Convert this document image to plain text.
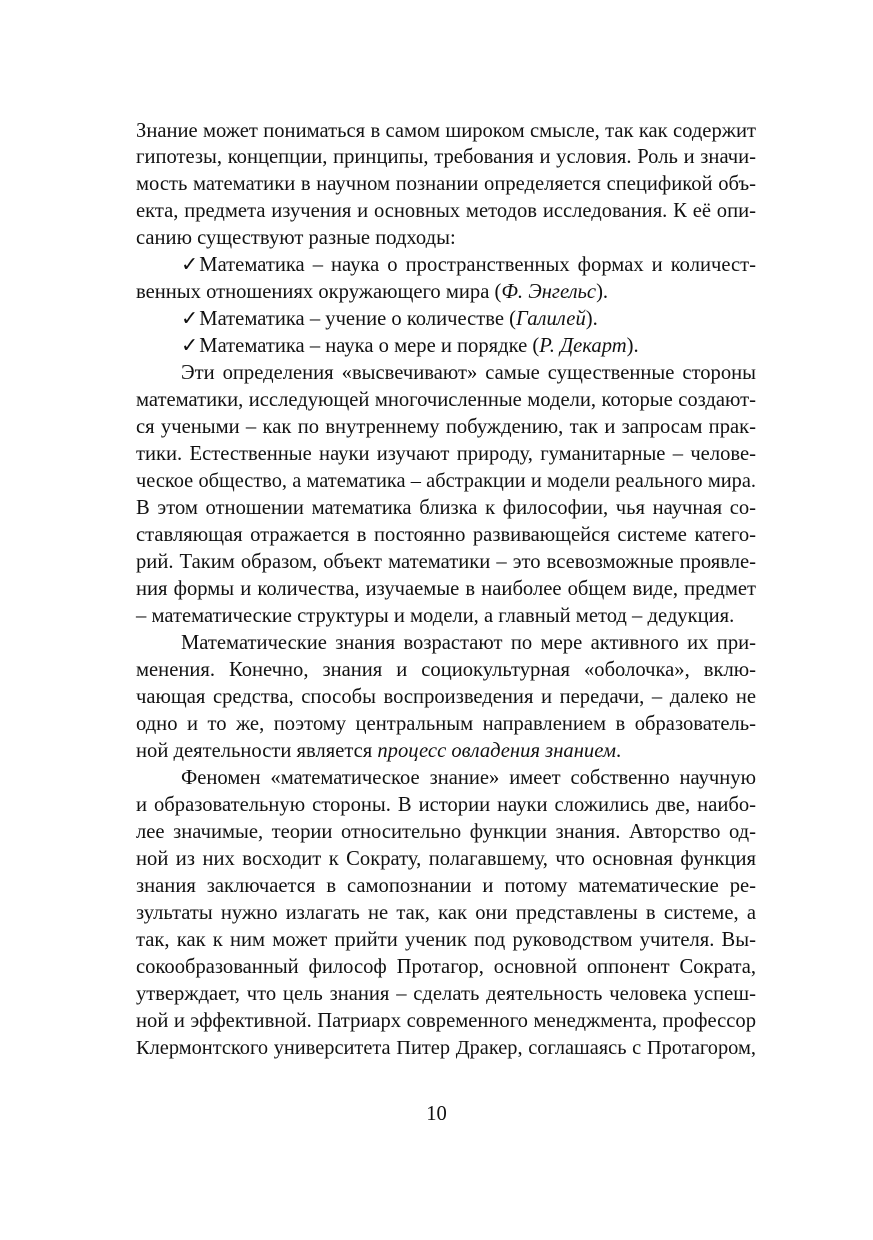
Знание может пониматься в самом широком смысле, так как содержит
гипотезы, концепции, принципы, требования и условия. Роль и значи-
мость математики в научном познании определяется спецификой объ-
екта, предмета изучения и основных методов исследования. К её опи-
санию существуют разные подходы:
✓Математика – наука о пространственных формах и количест-
венных отношениях окружающего мира (Ф. Энгельс).
✓Математика – учение о количестве (Галилей).
✓Математика – наука о мере и порядке (Р. Декарт).
Эти определения «высвечивают» самые существенные стороны
математики, исследующей многочисленные модели, которые создают-
ся учеными – как по внутреннему побуждению, так и запросам прак-
тики. Естественные науки изучают природу, гуманитарные – челове-
ческое общество, а математика – абстракции и модели реального мира.
В этом отношении математика близка к философии, чья научная со-
ставляющая отражается в постоянно развивающейся системе катего-
рий. Таким образом, объект математики – это всевозможные проявле-
ния формы и количества, изучаемые в наиболее общем виде, предмет
– математические структуры и модели, а главный метод – дедукция.
Математические знания возрастают по мере активного их при-
менения. Конечно, знания и социокультурная «оболочка», вклю-
чающая средства, способы воспроизведения и передачи, – далеко не
одно и то же, поэтому центральным направлением в образователь-
ной деятельности является процесс овладения знанием.
Феномен «математическое знание» имеет собственно научную
и образовательную стороны. В истории науки сложились две, наибо-
лее значимые, теории относительно функции знания. Авторство од-
ной из них восходит к Сократу, полагавшему, что основная функция
знания заключается в самопознании и потому математические ре-
зультаты нужно излагать не так, как они представлены в системе, а
так, как к ним может прийти ученик под руководством учителя. Вы-
сокообразованный философ Протагор, основной оппонент Сократа,
утверждает, что цель знания – сделать деятельность человека успеш-
ной и эффективной. Патриарх современного менеджмента, профессор
Клермонтского университета Питер Дракер, соглашаясь с Протагором,
10
